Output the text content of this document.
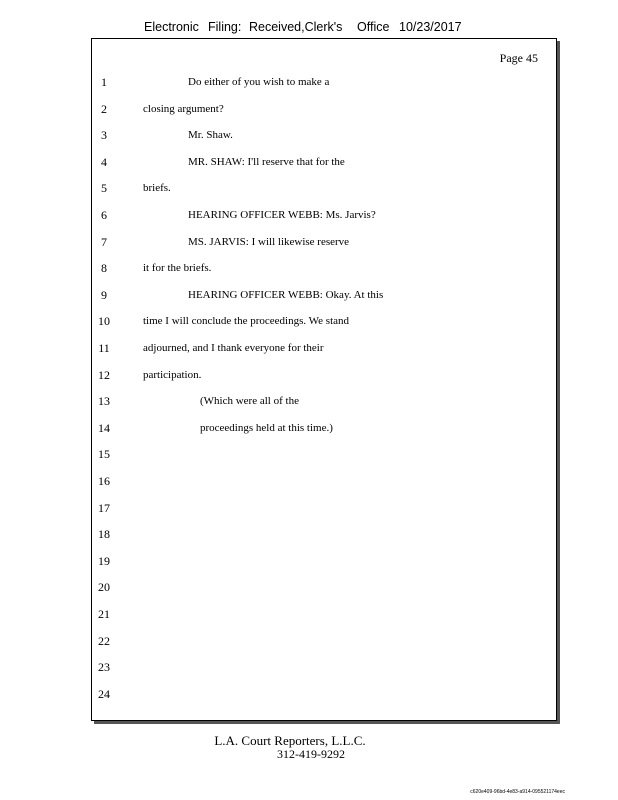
Electronic Filing: Received,Clerk's Office 10/23/2017
Page 45
1	Do either of you wish to make a
2	closing argument?
3	Mr. Shaw.
4	MR. SHAW: I'll reserve that for the
5	briefs.
6	HEARING OFFICER WEBB: Ms. Jarvis?
7	MS. JARVIS: I will likewise reserve
8	it for the briefs.
9	HEARING OFFICER WEBB: Okay. At this
10	time I will conclude the proceedings. We stand
11	adjourned, and I thank everyone for their
12	participation.
13	(Which were all of the
14	proceedings held at this time.)
15
16
17
18
19
20
21
22
23
24
L.A. Court Reporters, L.L.C.
312-419-9292
c620e409-96bd-4e83-a914-095521174eec
